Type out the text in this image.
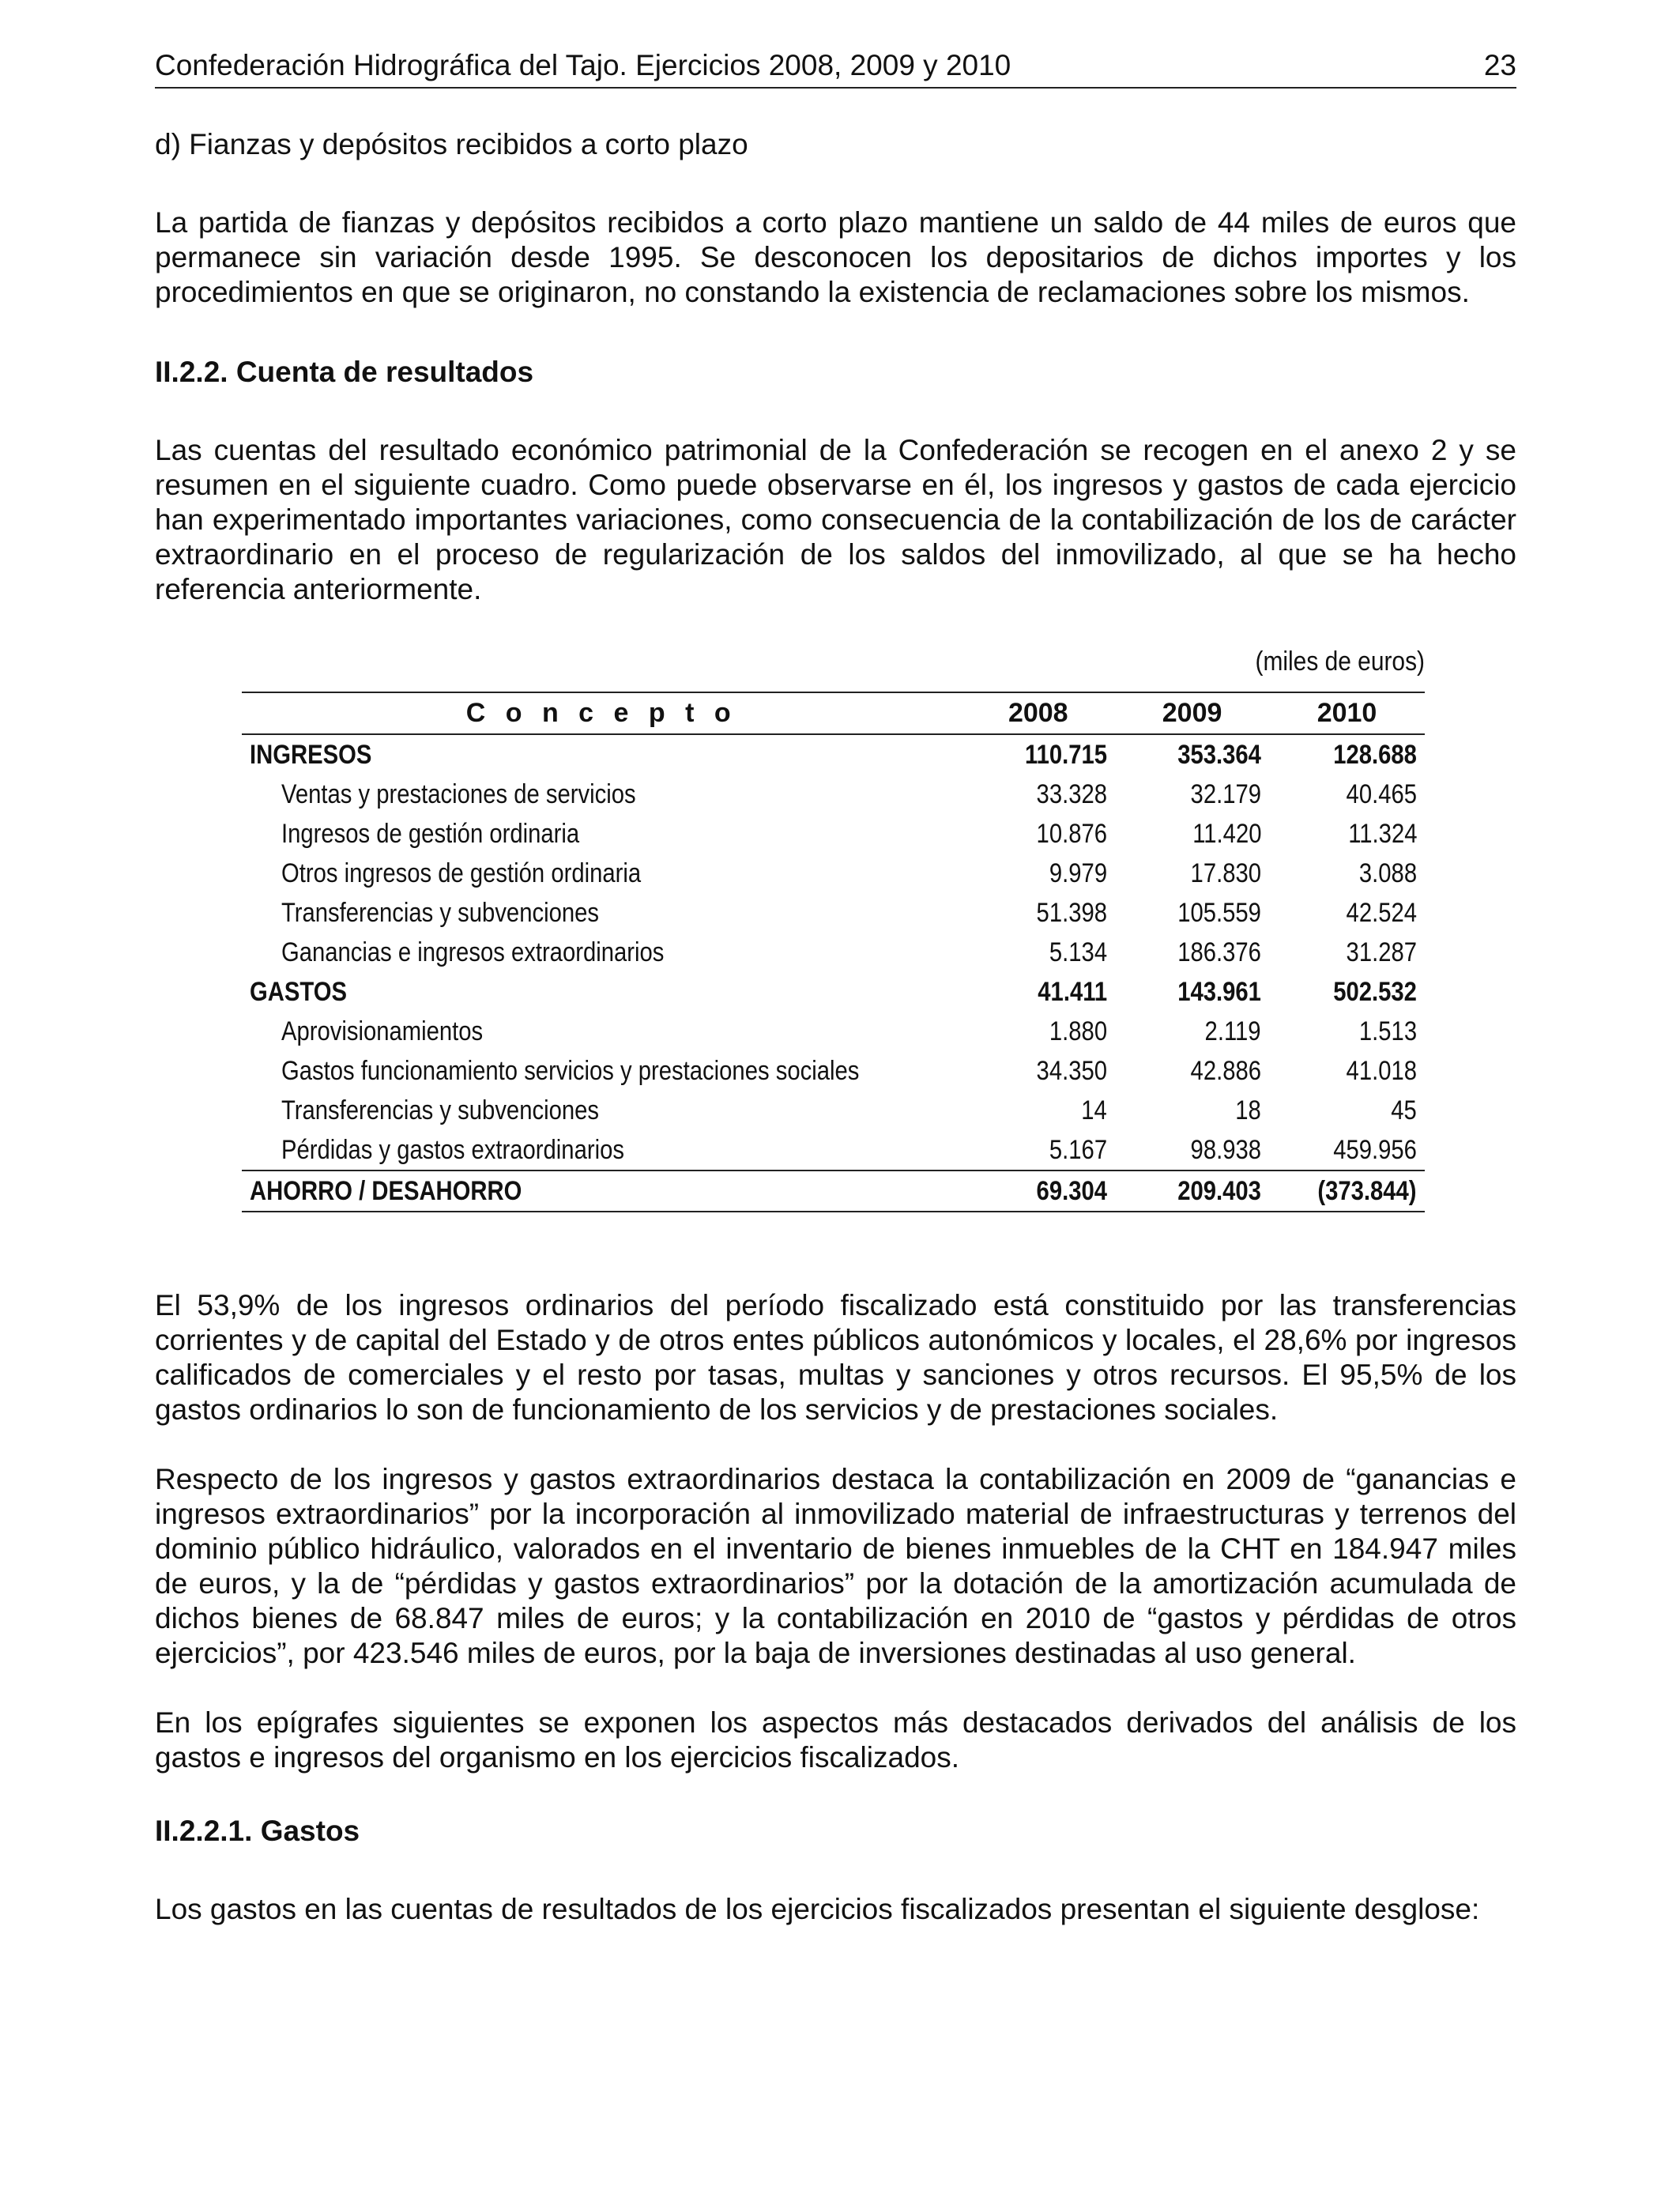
Confederación Hidrográfica del Tajo. Ejercicios 2008, 2009 y 2010	23
d) Fianzas y depósitos recibidos a corto plazo

La partida de fianzas y depósitos recibidos a corto plazo mantiene un saldo de 44 miles de euros que permanece sin variación desde 1995. Se desconocen los depositarios de dichos importes y los procedimientos en que se originaron, no constando la existencia de reclamaciones sobre los mismos.

II.2.2. Cuenta de resultados

Las cuentas del resultado económico patrimonial de la Confederación se recogen en el anexo 2 y se resumen en el siguiente cuadro. Como puede observarse en él, los ingresos y gastos de cada ejercicio han experimentado importantes variaciones, como consecuencia de la contabilización de los de carácter extraordinario en el proceso de regularización de los saldos del inmovilizado, al que se ha hecho referencia anteriormente.

(miles de euros)
C o n c e p t o	2008	2009	2010
INGRESOS	110.715	353.364	128.688
Ventas y prestaciones de servicios	33.328	32.179	40.465
Ingresos de gestión ordinaria	10.876	11.420	11.324
Otros ingresos de gestión ordinaria	9.979	17.830	3.088
Transferencias y subvenciones	51.398	105.559	42.524
Ganancias e ingresos extraordinarios	5.134	186.376	31.287
GASTOS	41.411	143.961	502.532
Aprovisionamientos	1.880	2.119	1.513
Gastos funcionamiento servicios y prestaciones sociales	34.350	42.886	41.018
Transferencias y subvenciones	14	18	45
Pérdidas y gastos extraordinarios	5.167	98.938	459.956
AHORRO / DESAHORRO	69.304	209.403	(373.844)

El 53,9% de los ingresos ordinarios del período fiscalizado está constituido por las transferencias corrientes y de capital del Estado y de otros entes públicos autonómicos y locales, el 28,6% por ingresos calificados de comerciales y el resto por tasas, multas y sanciones y otros recursos. El 95,5% de los gastos ordinarios lo son de funcionamiento de los servicios y de prestaciones sociales.

Respecto de los ingresos y gastos extraordinarios destaca la contabilización en 2009 de “ganancias e ingresos extraordinarios” por la incorporación al inmovilizado material de infraestructuras y terrenos del dominio público hidráulico, valorados en el inventario de bienes inmuebles de la CHT en 184.947 miles de euros, y la de “pérdidas y gastos extraordinarios” por la dotación de la amortización acumulada de dichos bienes de 68.847 miles de euros; y la contabilización en 2010 de “gastos y pérdidas de otros ejercicios”, por 423.546 miles de euros, por la baja de inversiones destinadas al uso general.

En los epígrafes siguientes se exponen los aspectos más destacados derivados del análisis de los gastos e ingresos del organismo en los ejercicios fiscalizados.

II.2.2.1. Gastos

Los gastos en las cuentas de resultados de los ejercicios fiscalizados presentan el siguiente desglose:
